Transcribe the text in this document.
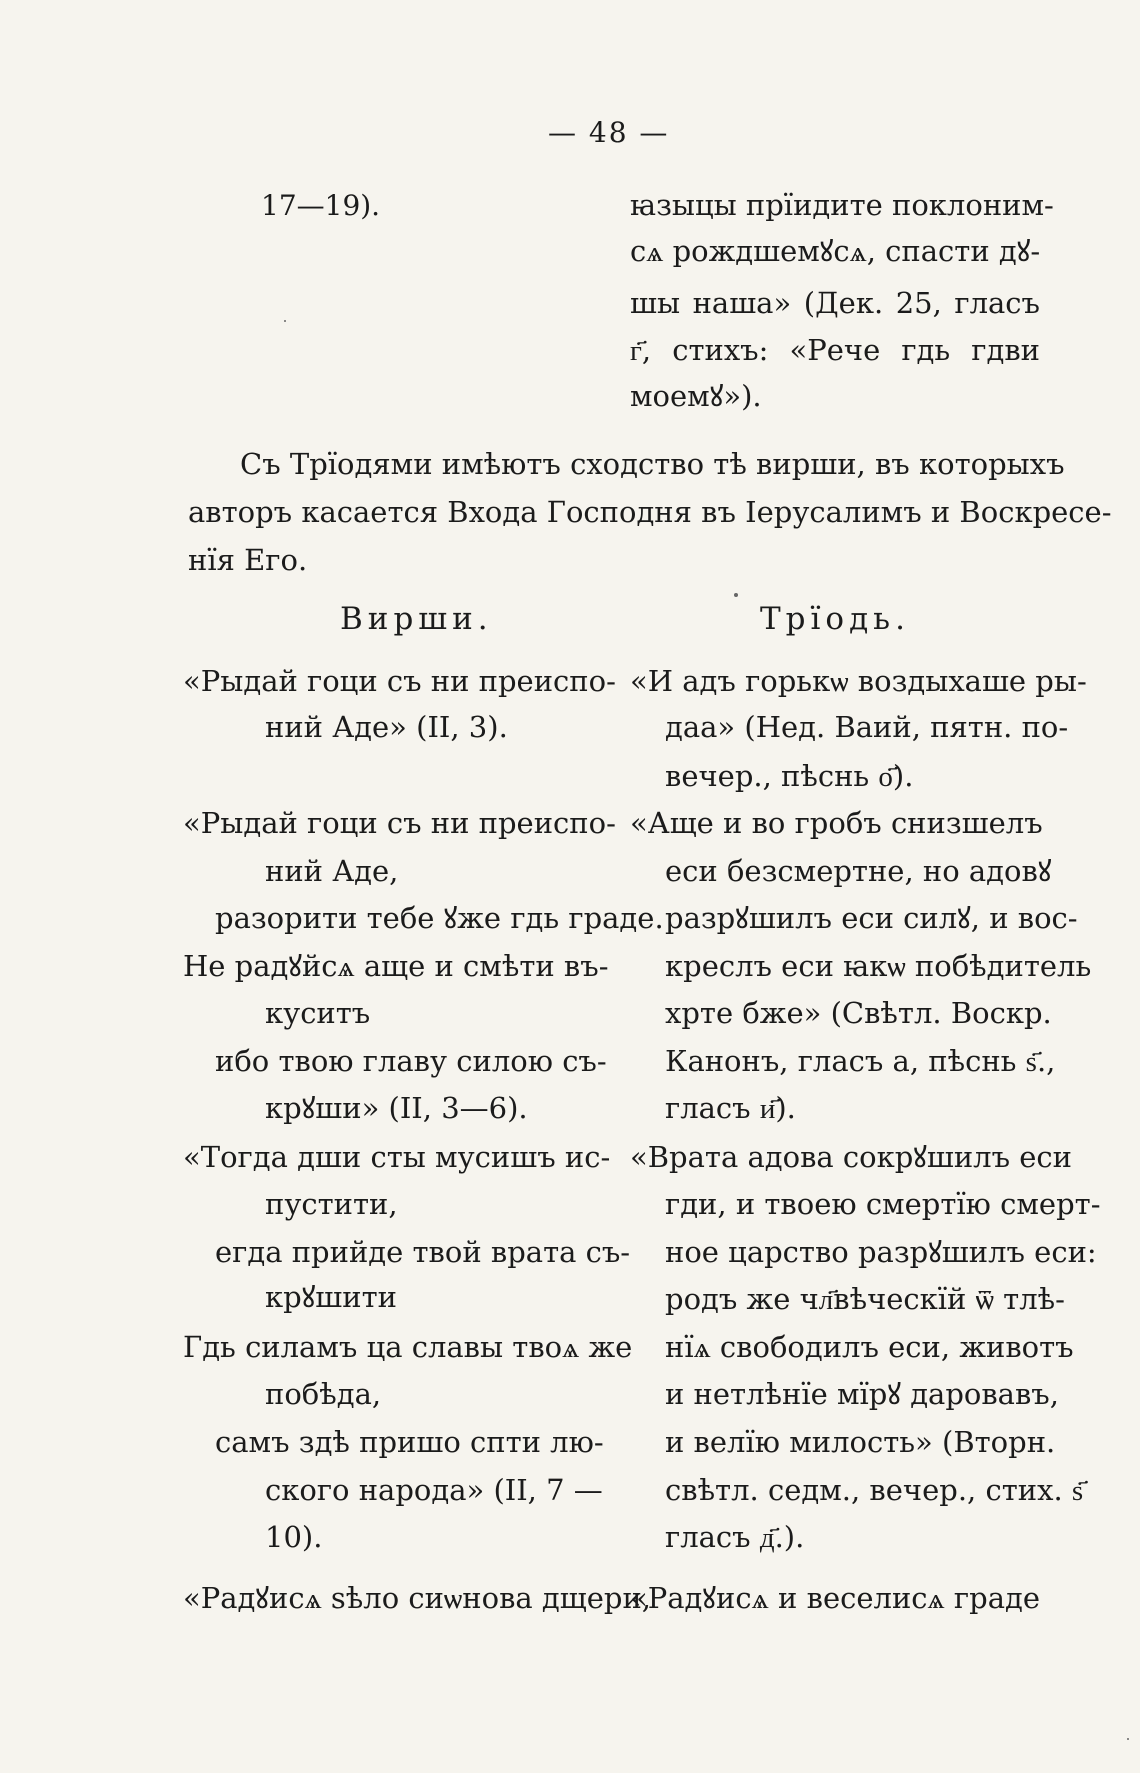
— 48 —
17—19).	ꙗзыцы прїидите поклоним-
сѧ рождшемꙋсѧ, спасти дꙋ-
шы наша» (Дек. 25, гласъ
г҃, стихъ: «Рече гдь гдви
моемꙋ»).
Съ Трїодями имѣютъ сходство тѣ вирши, въ которыхъ
авторъ касается Входа Господня въ Іерусалимъ и Воскресе-
нїя Его.
Вирши.	Трїодь.
«Рыдай гоци съ ни преиспо-
ний Аде» (II, 3).
«Рыдай гоци съ ни преиспо-
ний Аде,
разорити тебе ꙋже гдь граде.
Не радꙋйсѧ аще и смѣти въ-
куситъ
ибо твою главу силою съ-
крꙋши» (II, 3—6).
«Тогда дши сты мусишъ ис-
пустити,
егда прийде твой врата съ-
крꙋшити
Гдь силамъ ца славы твоѧ же
побѣда,
самъ здѣ пришо спти лю-
ского народа» (II, 7 —
10).
«Радꙋисѧ ѕѣло сиѡнова дщери,
«И адъ горькѡ воздыхаше ры-
даа» (Нед. Ваий, пятн. по-
вечер., пѣснь о҃).
«Аще и во гробъ снизшелъ
еси безсмертне, но адовꙋ
разрꙋшилъ еси силꙋ, и вос-
креслъ еси ꙗкѡ побѣдитель
хрте бже» (Свѣтл. Воскр.
Канонъ, гласъ а, пѣснь ѕ҃.,
гласъ и҃).
«Врата адова сокрꙋшилъ еси
гди, и твоею смертїю смерт-
ное царство разрꙋшилъ еси:
родъ же чл҃вѣческїй ѿ тлѣ-
нїѧ свободилъ еси, животъ
и нетлѣнїе мїрꙋ даровавъ,
и велїю милость» (Вторн.
свѣтл. седм., вечер., стих. ѕ҃
гласъ д҃.).
«Радꙋисѧ и веселисѧ граде
